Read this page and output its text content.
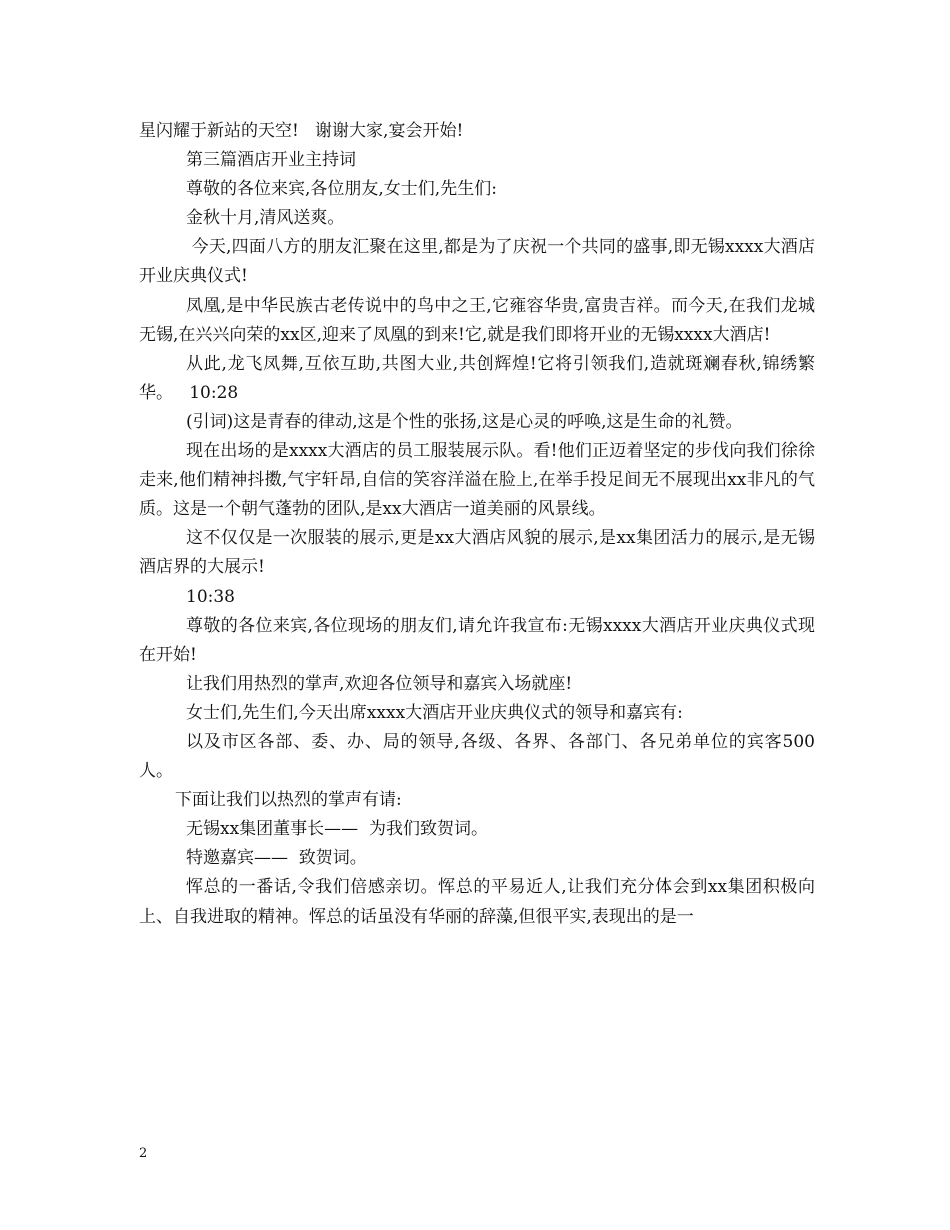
星闪耀于新站的天空!   谢谢大家,宴会开始!

第三篇酒店开业主持词

尊敬的各位来宾,各位朋友,女士们,先生们:

金秋十月,清风送爽。

今天,四面八方的朋友汇聚在这里,都是为了庆祝一个共同的盛事,即无锡xxxx大酒店开业庆典仪式!

凤凰,是中华民族古老传说中的鸟中之王,它雍容华贵,富贵吉祥。而今天,在我们龙城无锡,在兴兴向荣的xx区,迎来了凤凰的到来!它,就是我们即将开业的无锡xxxx大酒店!

从此,龙飞凤舞,互依互助,共图大业,共创辉煌!它将引领我们,造就斑斓春秋,锦绣繁华。   10:28

(引词)这是青春的律动,这是个性的张扬,这是心灵的呼唤,这是生命的礼赞。

现在出场的是xxxx大酒店的员工服装展示队。看!他们正迈着坚定的步伐向我们徐徐走来,他们精神抖擞,气宇轩昂,自信的笑容洋溢在脸上,在举手投足间无不展现出xx非凡的气质。这是一个朝气蓬勃的团队,是xx大酒店一道美丽的风景线。

这不仅仅是一次服装的展示,更是xx大酒店风貌的展示,是xx集团活力的展示,是无锡酒店界的大展示!

10:38

尊敬的各位来宾,各位现场的朋友们,请允许我宣布:无锡xxxx大酒店开业庆典仪式现在开始!

让我们用热烈的掌声,欢迎各位领导和嘉宾入场就座!

女士们,先生们,今天出席xxxx大酒店开业庆典仪式的领导和嘉宾有:

以及市区各部、委、办、局的领导,各级、各界、各部门、各兄弟单位的宾客500人。

下面让我们以热烈的掌声有请:

无锡xx集团董事长——  为我们致贺词。

特邀嘉宾——  致贺词。

恽总的一番话,令我们倍感亲切。恽总的平易近人,让我们充分体会到xx集团积极向上、自我进取的精神。恽总的话虽没有华丽的辞藻,但很平实,表现出的是一

2
